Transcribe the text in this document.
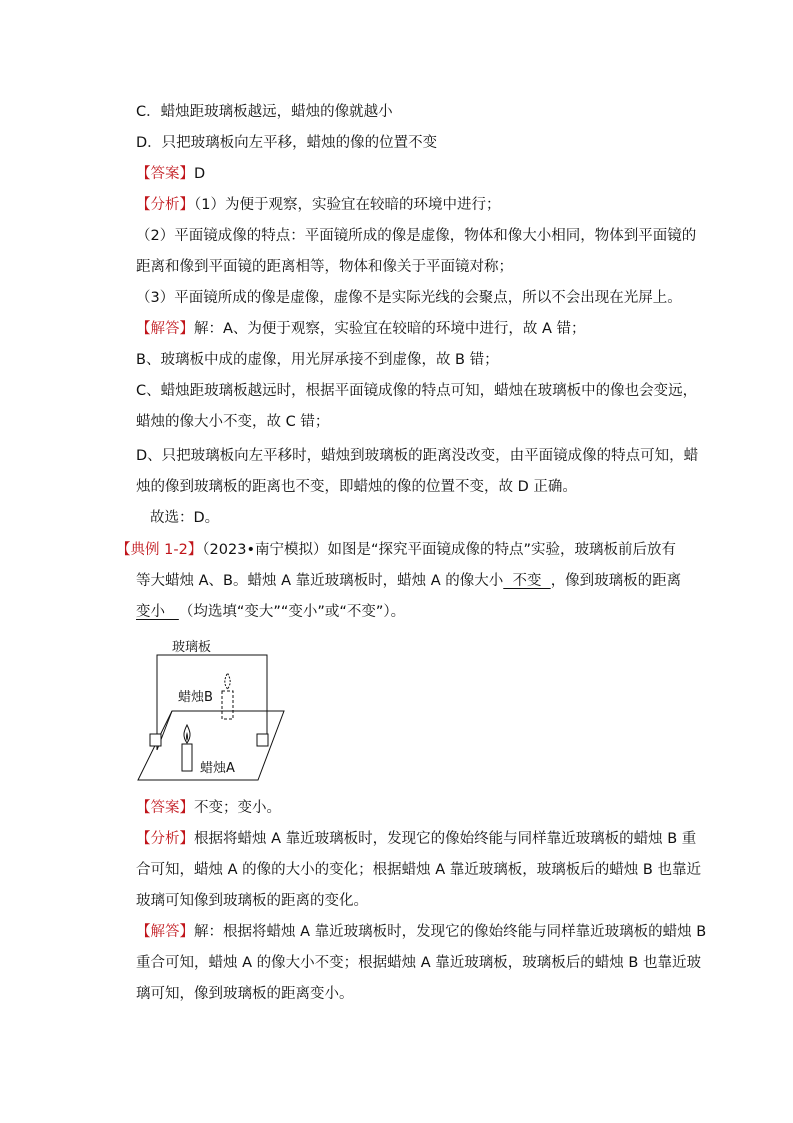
C．蜡烛距玻璃板越远，蜡烛的像就越小
D．只把玻璃板向左平移，蜡烛的像的位置不变
【答案】D
【分析】（1）为便于观察，实验宜在较暗的环境中进行；
（2）平面镜成像的特点：平面镜所成的像是虚像，物体和像大小相同，物体到平面镜的
距离和像到平面镜的距离相等，物体和像关于平面镜对称；
（3）平面镜所成的像是虚像，虚像不是实际光线的会聚点，所以不会出现在光屏上。
【解答】解：A、为便于观察，实验宜在较暗的环境中进行，故 A 错；
B、玻璃板中成的虚像，用光屏承接不到虚像，故 B 错；
C、蜡烛距玻璃板越远时，根据平面镜成像的特点可知，蜡烛在玻璃板中的像也会变远，
蜡烛的像大小不变，故 C 错；
D、只把玻璃板向左平移时，蜡烛到玻璃板的距离没改变，由平面镜成像的特点可知，蜡
烛的像到玻璃板的距离也不变，即蜡烛的像的位置不变，故 D 正确。
故选：D。
【典例 1-2】（2023•南宁模拟）如图是“探究平面镜成像的特点”实验，玻璃板前后放有
等大蜡烛 A、B。蜡烛 A 靠近玻璃板时，蜡烛 A 的像大小  不变  ，像到玻璃板的距离
变小   （均选填“变大”“变小”或“不变”）。
玻璃板
蜡烛B
蜡烛A
【答案】不变；变小。
【分析】根据将蜡烛 A 靠近玻璃板时，发现它的像始终能与同样靠近玻璃板的蜡烛 B 重
合可知，蜡烛 A 的像的大小的变化；根据蜡烛 A 靠近玻璃板，玻璃板后的蜡烛 B 也靠近
玻璃可知像到玻璃板的距离的变化。
【解答】解：根据将蜡烛 A 靠近玻璃板时，发现它的像始终能与同样靠近玻璃板的蜡烛 B
重合可知，蜡烛 A 的像大小不变；根据蜡烛 A 靠近玻璃板，玻璃板后的蜡烛 B 也靠近玻
璃可知，像到玻璃板的距离变小。
